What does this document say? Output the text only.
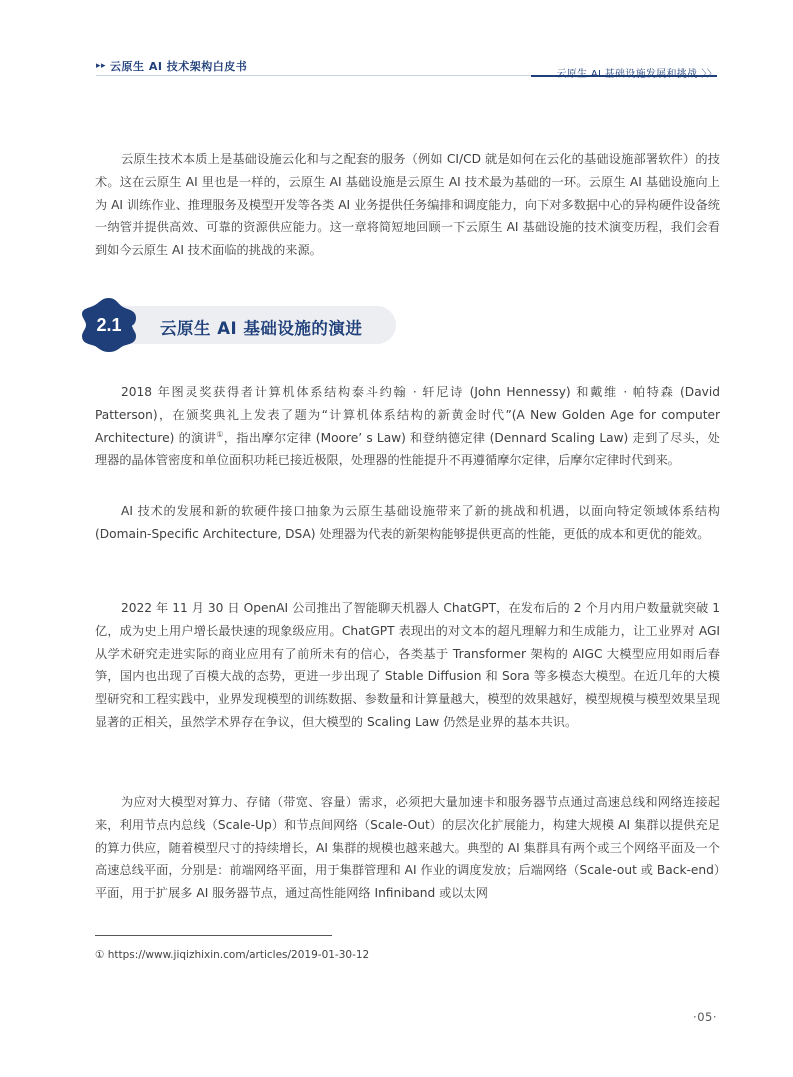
▸▸ 云原生 AI 技术架构白皮书
云原生 AI 基础设施发展和挑战 〉〉

云原生技术本质上是基础设施云化和与之配套的服务（例如 CI/CD 就是如何在云化的基础设施部署软件）的技术。这在云原生 AI 里也是一样的，云原生 AI 基础设施是云原生 AI 技术最为基础的一环。云原生 AI 基础设施向上为 AI 训练作业、推理服务及模型开发等各类 AI 业务提供任务编排和调度能力，向下对多数据中心的异构硬件设备统一纳管并提供高效、可靠的资源供应能力。这一章将简短地回顾一下云原生 AI 基础设施的技术演变历程，我们会看到如今云原生 AI 技术面临的挑战的来源。

2.1	云原生 AI 基础设施的演进

2018 年图灵奖获得者计算机体系结构泰斗约翰 · 轩尼诗 (John Hennessy) 和戴维 · 帕特森 (David Patterson)，在颁奖典礼上发表了题为“计算机体系结构的新黄金时代”(A New Golden Age for computer Architecture) 的演讲①，指出摩尔定律 (Moore’ s Law) 和登纳德定律 (Dennard Scaling Law) 走到了尽头，处理器的晶体管密度和单位面积功耗已接近极限，处理器的性能提升不再遵循摩尔定律，后摩尔定律时代到来。

AI 技术的发展和新的软硬件接口抽象为云原生基础设施带来了新的挑战和机遇，以面向特定领域体系结构 (Domain-Specific Architecture, DSA) 处理器为代表的新架构能够提供更高的性能，更低的成本和更优的能效。

2022 年 11 月 30 日 OpenAI 公司推出了智能聊天机器人 ChatGPT，在发布后的 2 个月内用户数量就突破 1 亿，成为史上用户增长最快速的现象级应用。ChatGPT 表现出的对文本的超凡理解力和生成能力，让工业界对 AGI 从学术研究走进实际的商业应用有了前所未有的信心，各类基于 Transformer 架构的 AIGC 大模型应用如雨后春笋，国内也出现了百模大战的态势，更进一步出现了 Stable Diffusion 和 Sora 等多模态大模型。在近几年的大模型研究和工程实践中，业界发现模型的训练数据、参数量和计算量越大，模型的效果越好，模型规模与模型效果呈现显著的正相关，虽然学术界存在争议，但大模型的 Scaling Law 仍然是业界的基本共识。

为应对大模型对算力、存储（带宽、容量）需求，必须把大量加速卡和服务器节点通过高速总线和网络连接起来，利用节点内总线（Scale-Up）和节点间网络（Scale-Out）的层次化扩展能力，构建大规模 AI 集群以提供充足的算力供应，随着模型尺寸的持续增长，AI 集群的规模也越来越大。典型的 AI 集群具有两个或三个网络平面及一个高速总线平面，分别是：前端网络平面，用于集群管理和 AI 作业的调度发放；后端网络（Scale-out 或 Back-end）平面，用于扩展多 AI 服务器节点，通过高性能网络 Infiniband 或以太网

① https://www.jiqizhixin.com/articles/2019-01-30-12
·05·
